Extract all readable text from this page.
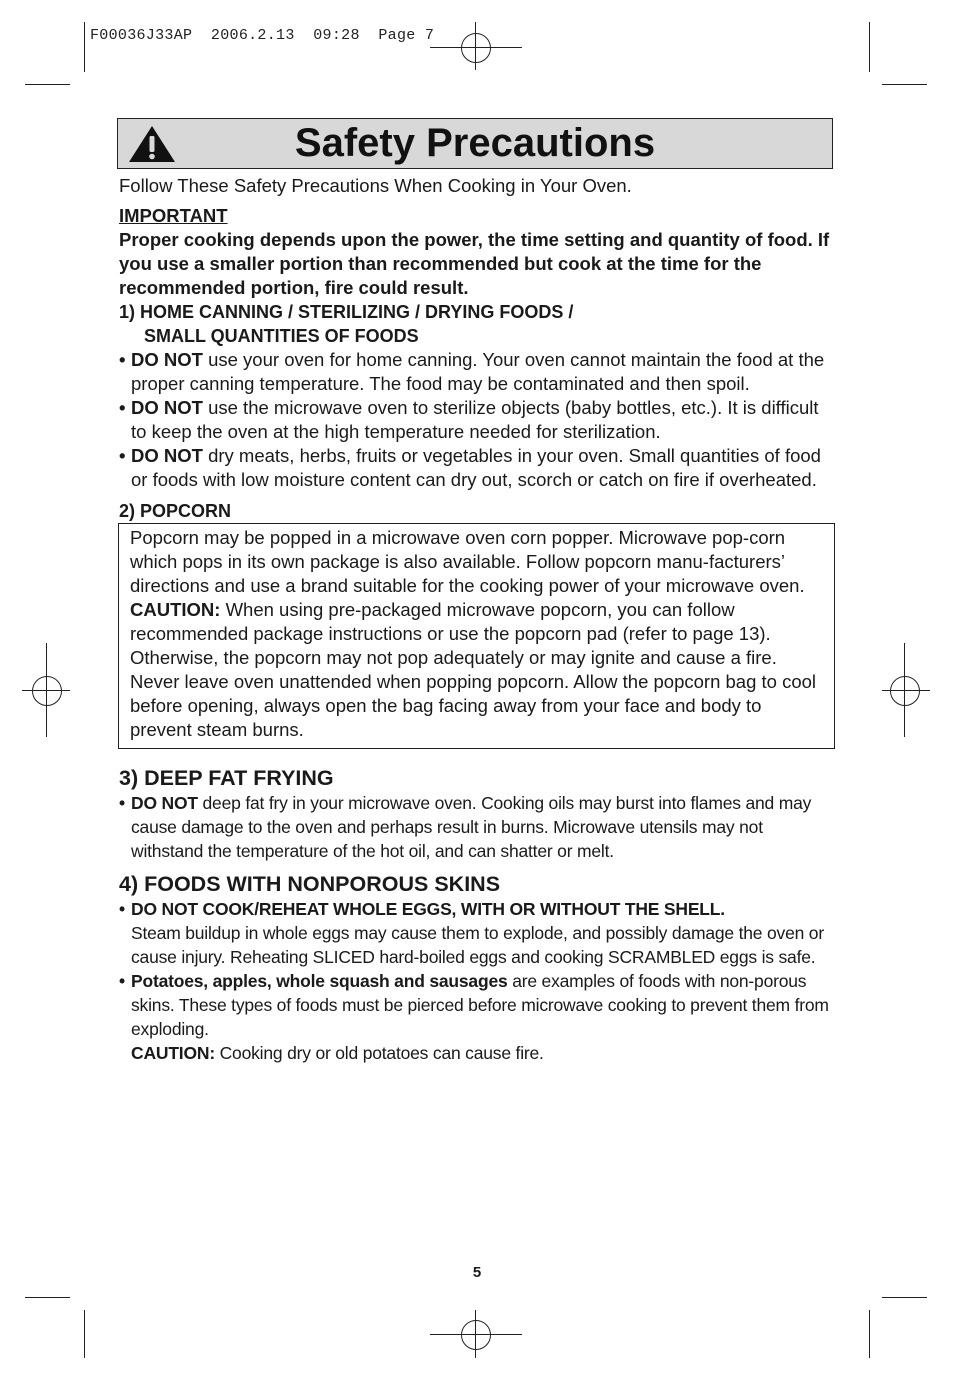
F00036J33AP  2006.2.13  09:28  Page 7
Safety Precautions

Follow These Safety Precautions When Cooking in Your Oven.

IMPORTANT

Proper cooking depends upon the power, the time setting and quantity of food. If you use a smaller portion than recommended but cook at the time for the recommended portion, fire could result.

1) HOME CANNING / STERILIZING / DRYING FOODS /

SMALL QUANTITIES OF FOODS

• DO NOT use your oven for home canning. Your oven cannot maintain the food at the proper canning temperature. The food may be contaminated and then spoil.

• DO NOT use the microwave oven to sterilize objects (baby bottles, etc.). It is difficult to keep the oven at the high temperature needed for sterilization.

• DO NOT dry meats, herbs, fruits or vegetables in your oven. Small quantities of food or foods with low moisture content can dry out, scorch or catch on fire if overheated.

2) POPCORN

Popcorn may be popped in a microwave oven corn popper. Microwave pop-corn which pops in its own package is also available. Follow popcorn manu-facturers’ directions and use a brand suitable for the cooking power of your microwave oven.

CAUTION: When using pre-packaged microwave popcorn, you can follow recommended package instructions or use the popcorn pad (refer to page 13). Otherwise, the popcorn may not pop adequately or may ignite and cause a fire. Never leave oven unattended when popping popcorn. Allow the popcorn bag to cool before opening, always open the bag facing away from your face and body to prevent steam burns.

3) DEEP FAT FRYING

• DO NOT deep fat fry in your microwave oven. Cooking oils may burst into flames and may cause damage to the oven and perhaps result in burns. Microwave utensils may not withstand the temperature of the hot oil, and can shatter or melt.

4) FOODS WITH NONPOROUS SKINS

• DO NOT COOK/REHEAT WHOLE EGGS, WITH OR WITHOUT THE SHELL.
Steam buildup in whole eggs may cause them to explode, and possibly damage the oven or cause injury. Reheating SLICED hard-boiled eggs and cooking SCRAMBLED eggs is safe.

• Potatoes, apples, whole squash and sausages are examples of foods with non-porous skins. These types of foods must be pierced before microwave cooking to prevent them from exploding.

CAUTION: Cooking dry or old potatoes can cause fire.

5
